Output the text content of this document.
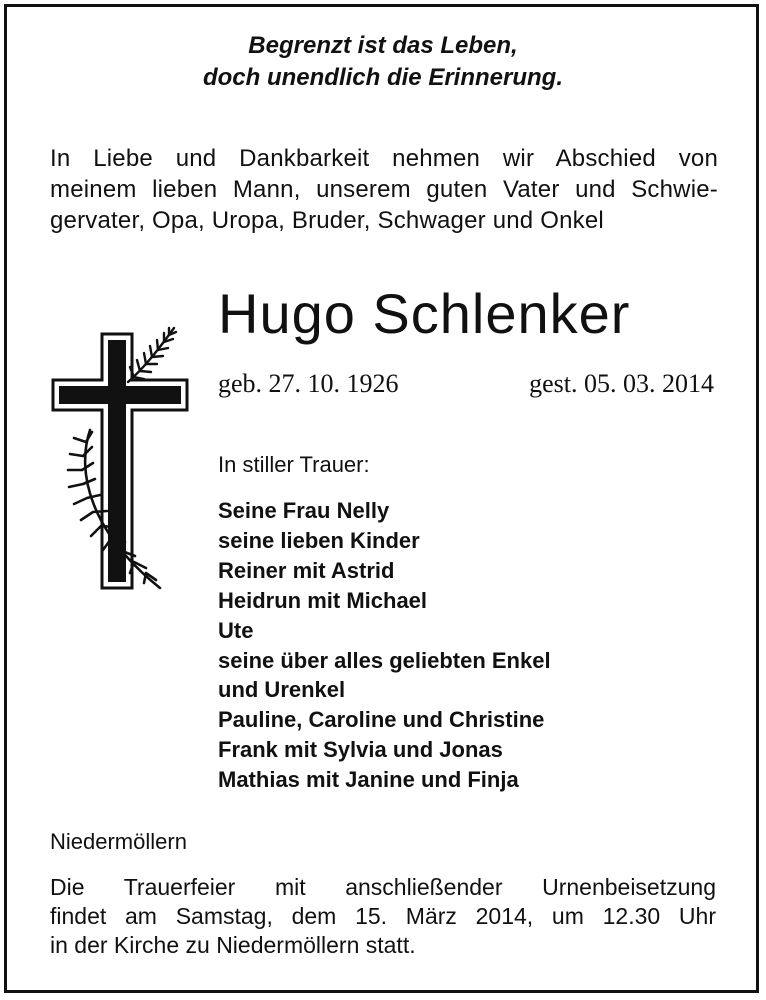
Begrenzt ist das Leben,
doch unendlich die Erinnerung.
In Liebe und Dankbarkeit nehmen wir Abschied von
meinem lieben Mann, unserem guten Vater und Schwie-
gervater, Opa, Uropa, Bruder, Schwager und Onkel
Hugo Schlenker
geb. 27. 10. 1926	gest. 05. 03. 2014
In stiller Trauer:
Seine Frau Nelly
seine lieben Kinder
Reiner mit Astrid
Heidrun mit Michael
Ute
seine über alles geliebten Enkel
und Urenkel
Pauline, Caroline und Christine
Frank mit Sylvia und Jonas
Mathias mit Janine und Finja
Niedermöllern
Die Trauerfeier mit anschließender Urnenbeisetzung
findet am Samstag, dem 15. März 2014, um 12.30 Uhr
in der Kirche zu Niedermöllern statt.
